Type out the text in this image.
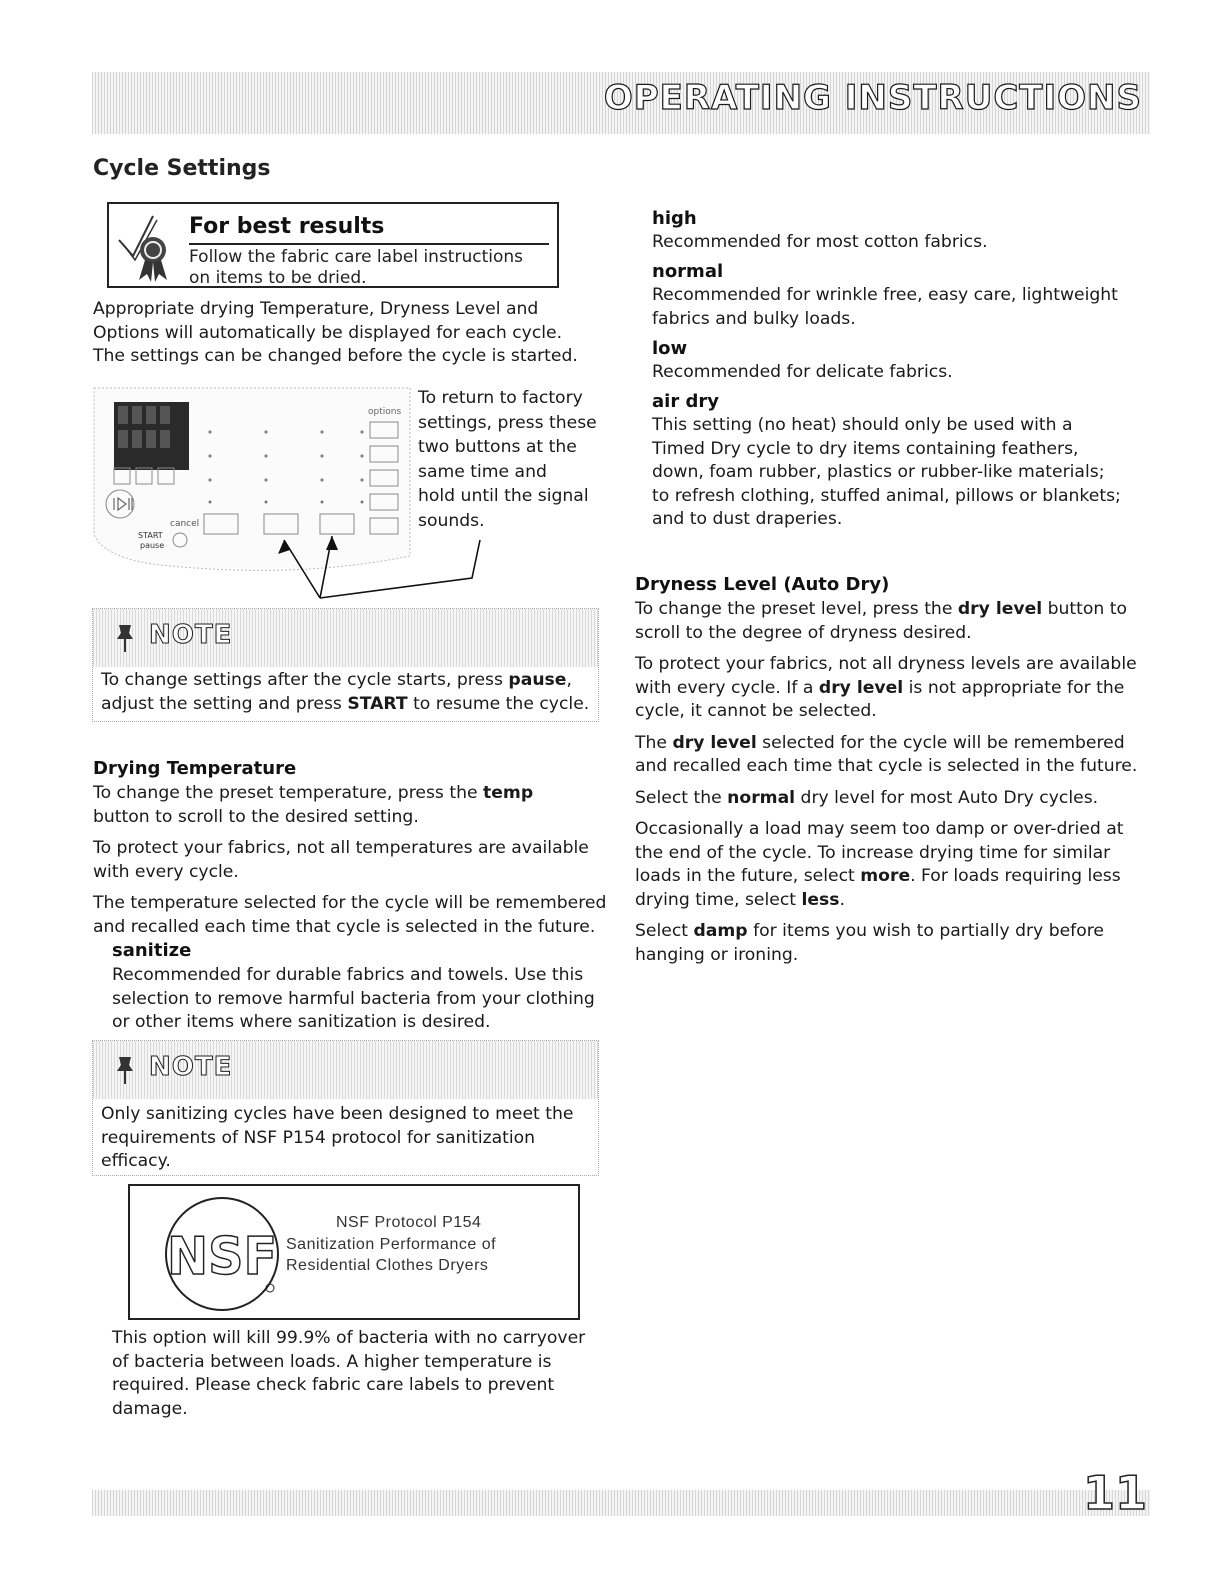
OPERATING INSTRUCTIONS
Cycle Settings
For best results
Follow the fabric care label instructions
on items to be dried.
Appropriate drying Temperature, Dryness Level and
Options will automatically be displayed for each cycle.
The settings can be changed before the cycle is started.
options
cancel
START
pause
To return to factory
settings, press these
two buttons at the
same time and
hold until the signal
sounds.
NOTE
To change settings after the cycle starts, press pause,
adjust the setting and press START to resume the cycle.
Drying Temperature
To change the preset temperature, press the temp
button to scroll to the desired setting.
To protect your fabrics, not all temperatures are available
with every cycle.
The temperature selected for the cycle will be remembered
and recalled each time that cycle is selected in the future.
sanitize
Recommended for durable fabrics and towels. Use this
selection to remove harmful bacteria from your clothing
or other items where sanitization is desired.
NOTE
Only sanitizing cycles have been designed to meet the
requirements of NSF P154 protocol for sanitization
efficacy.
NSF
NSF Protocol P154
Sanitization Performance of
Residential Clothes Dryers
This option will kill 99.9% of bacteria with no carryover
of bacteria between loads. A higher temperature is
required. Please check fabric care labels to prevent
damage.
high
Recommended for most cotton fabrics.
normal
Recommended for wrinkle free, easy care, lightweight
fabrics and bulky loads.
low
Recommended for delicate fabrics.
air dry
This setting (no heat) should only be used with a
Timed Dry cycle to dry items containing feathers,
down, foam rubber, plastics or rubber-like materials;
to refresh clothing, stuffed animal, pillows or blankets;
and to dust draperies.
Dryness Level (Auto Dry)
To change the preset level, press the dry level button to
scroll to the degree of dryness desired.
To protect your fabrics, not all dryness levels are available
with every cycle. If a dry level is not appropriate for the
cycle, it cannot be selected.
The dry level selected for the cycle will be remembered
and recalled each time that cycle is selected in the future.
Select the normal dry level for most Auto Dry cycles.
Occasionally a load may seem too damp or over-dried at
the end of the cycle. To increase drying time for similar
loads in the future, select more. For loads requiring less
drying time, select less.
Select damp for items you wish to partially dry before
hanging or ironing.
11
